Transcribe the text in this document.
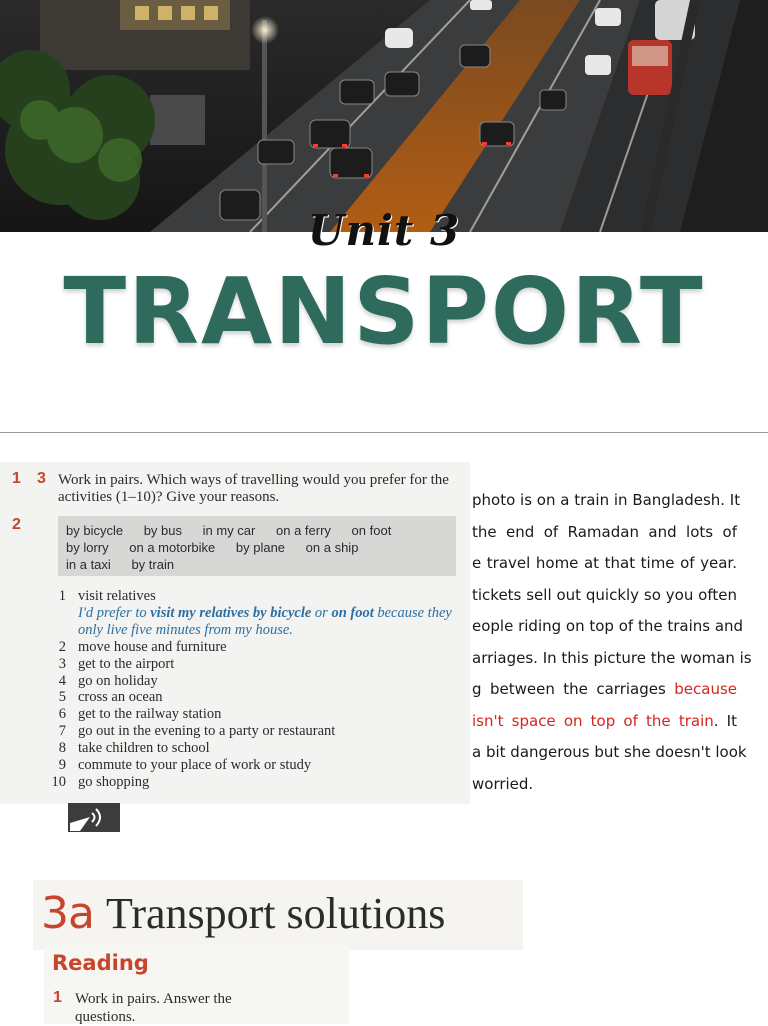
Unit 3
TRANSPORT
1 3
2
Work in pairs. Which ways of travelling would you prefer for the activities (1–10)? Give your reasons.
by bicycle by bus in my car on a ferry on foot
by lorry on a motorbike by plane on a ship
in a taxi by train
1 visit relatives
I'd prefer to visit my relatives by bicycle or on foot because they only live five minutes from my house.
2 move house and furniture
3 get to the airport
4 go on holiday
5 cross an ocean
6 get to the railway station
7 go out in the evening to a party or restaurant
8 take children to school
9 commute to your place of work or study
10 go shopping

photo is on a train in Bangladesh. It
the end of Ramadan and lots of
e travel home at that time of year.
tickets sell out quickly so you often
eople riding on top of the trains and
arriages. In this picture the woman is
g between the carriages because
isn't space on top of the train. It
a bit dangerous but she doesn't look
worried.

3a Transport solutions
Reading
1 Work in pairs. Answer the questions.
